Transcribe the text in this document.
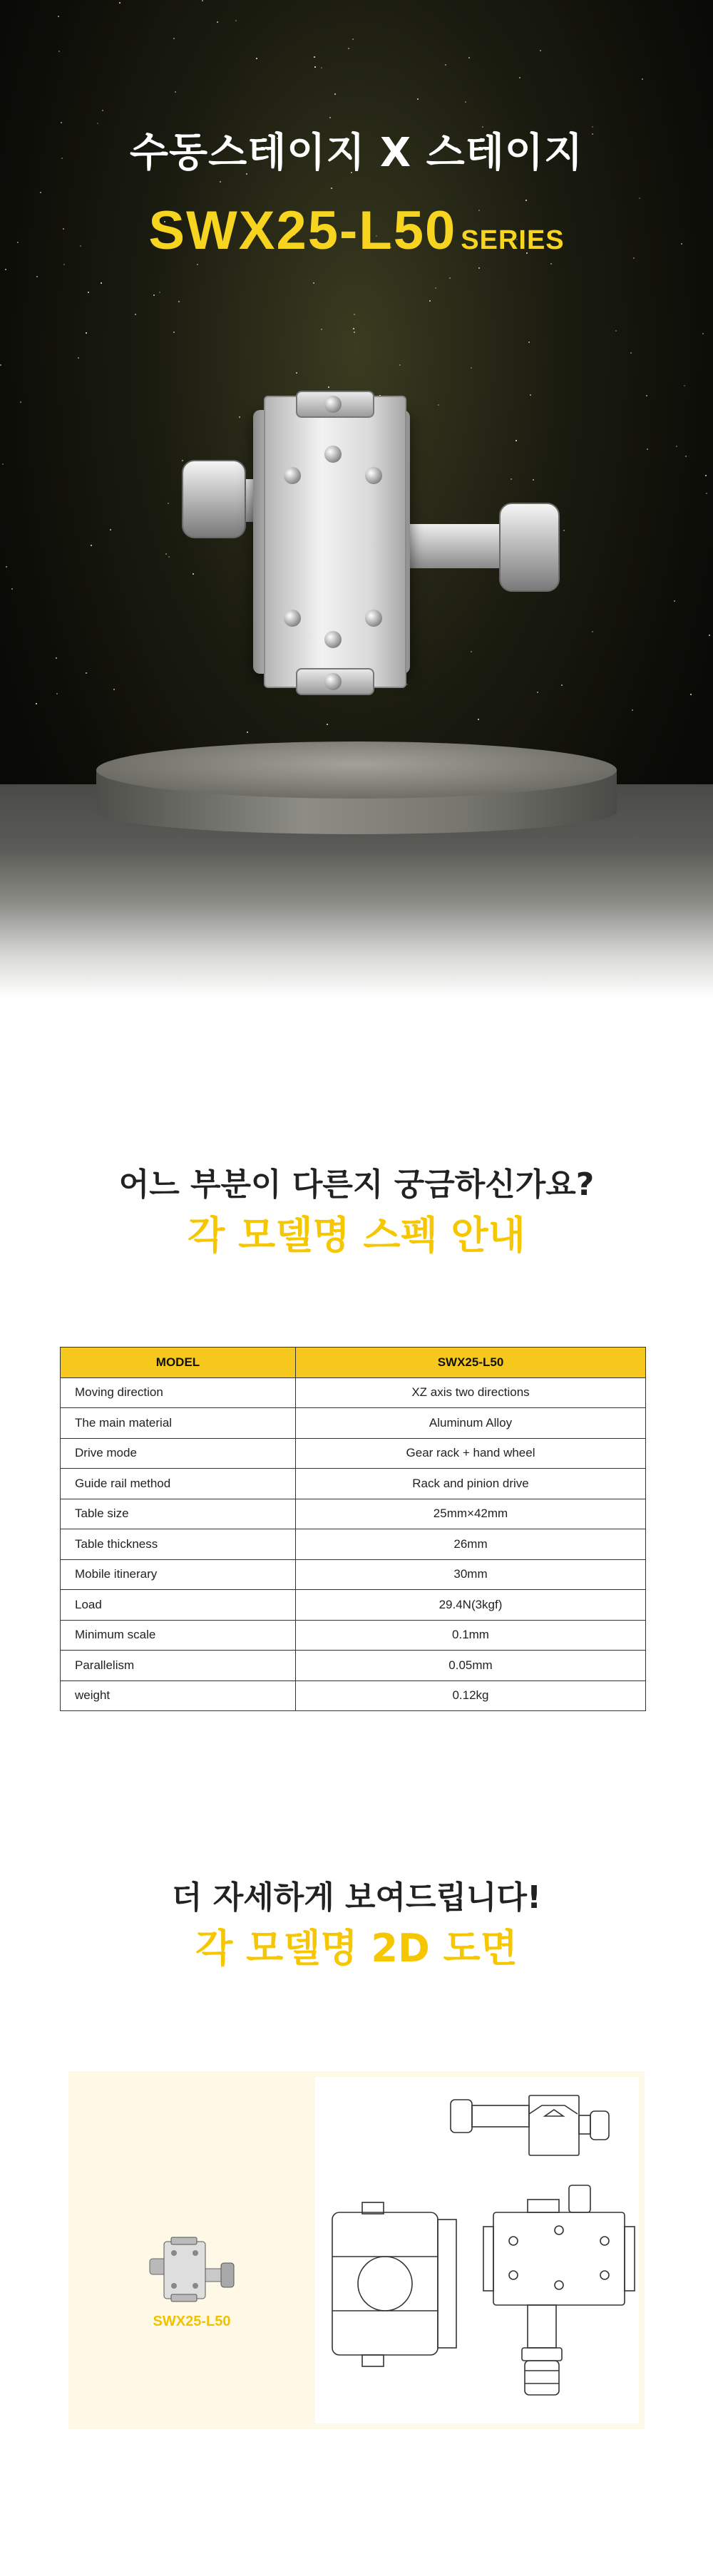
수동스테이지 X 스테이지
SWX25-L50 SERIES
어느 부분이 다른지 궁금하신가요?
각 모델명 스펙 안내
MODEL	SWX25-L50
Moving direction	XZ axis two directions
The main material	Aluminum Alloy
Drive mode	Gear rack + hand wheel
Guide rail method	Rack and pinion drive
Table size	25mm×42mm
Table thickness	26mm
Mobile itinerary	30mm
Load	29.4N(3kgf)
Minimum scale	0.1mm
Parallelism	0.05mm
weight	0.12kg
더 자세하게 보여드립니다!
각 모델명 2D 도면
SWX25-L50
